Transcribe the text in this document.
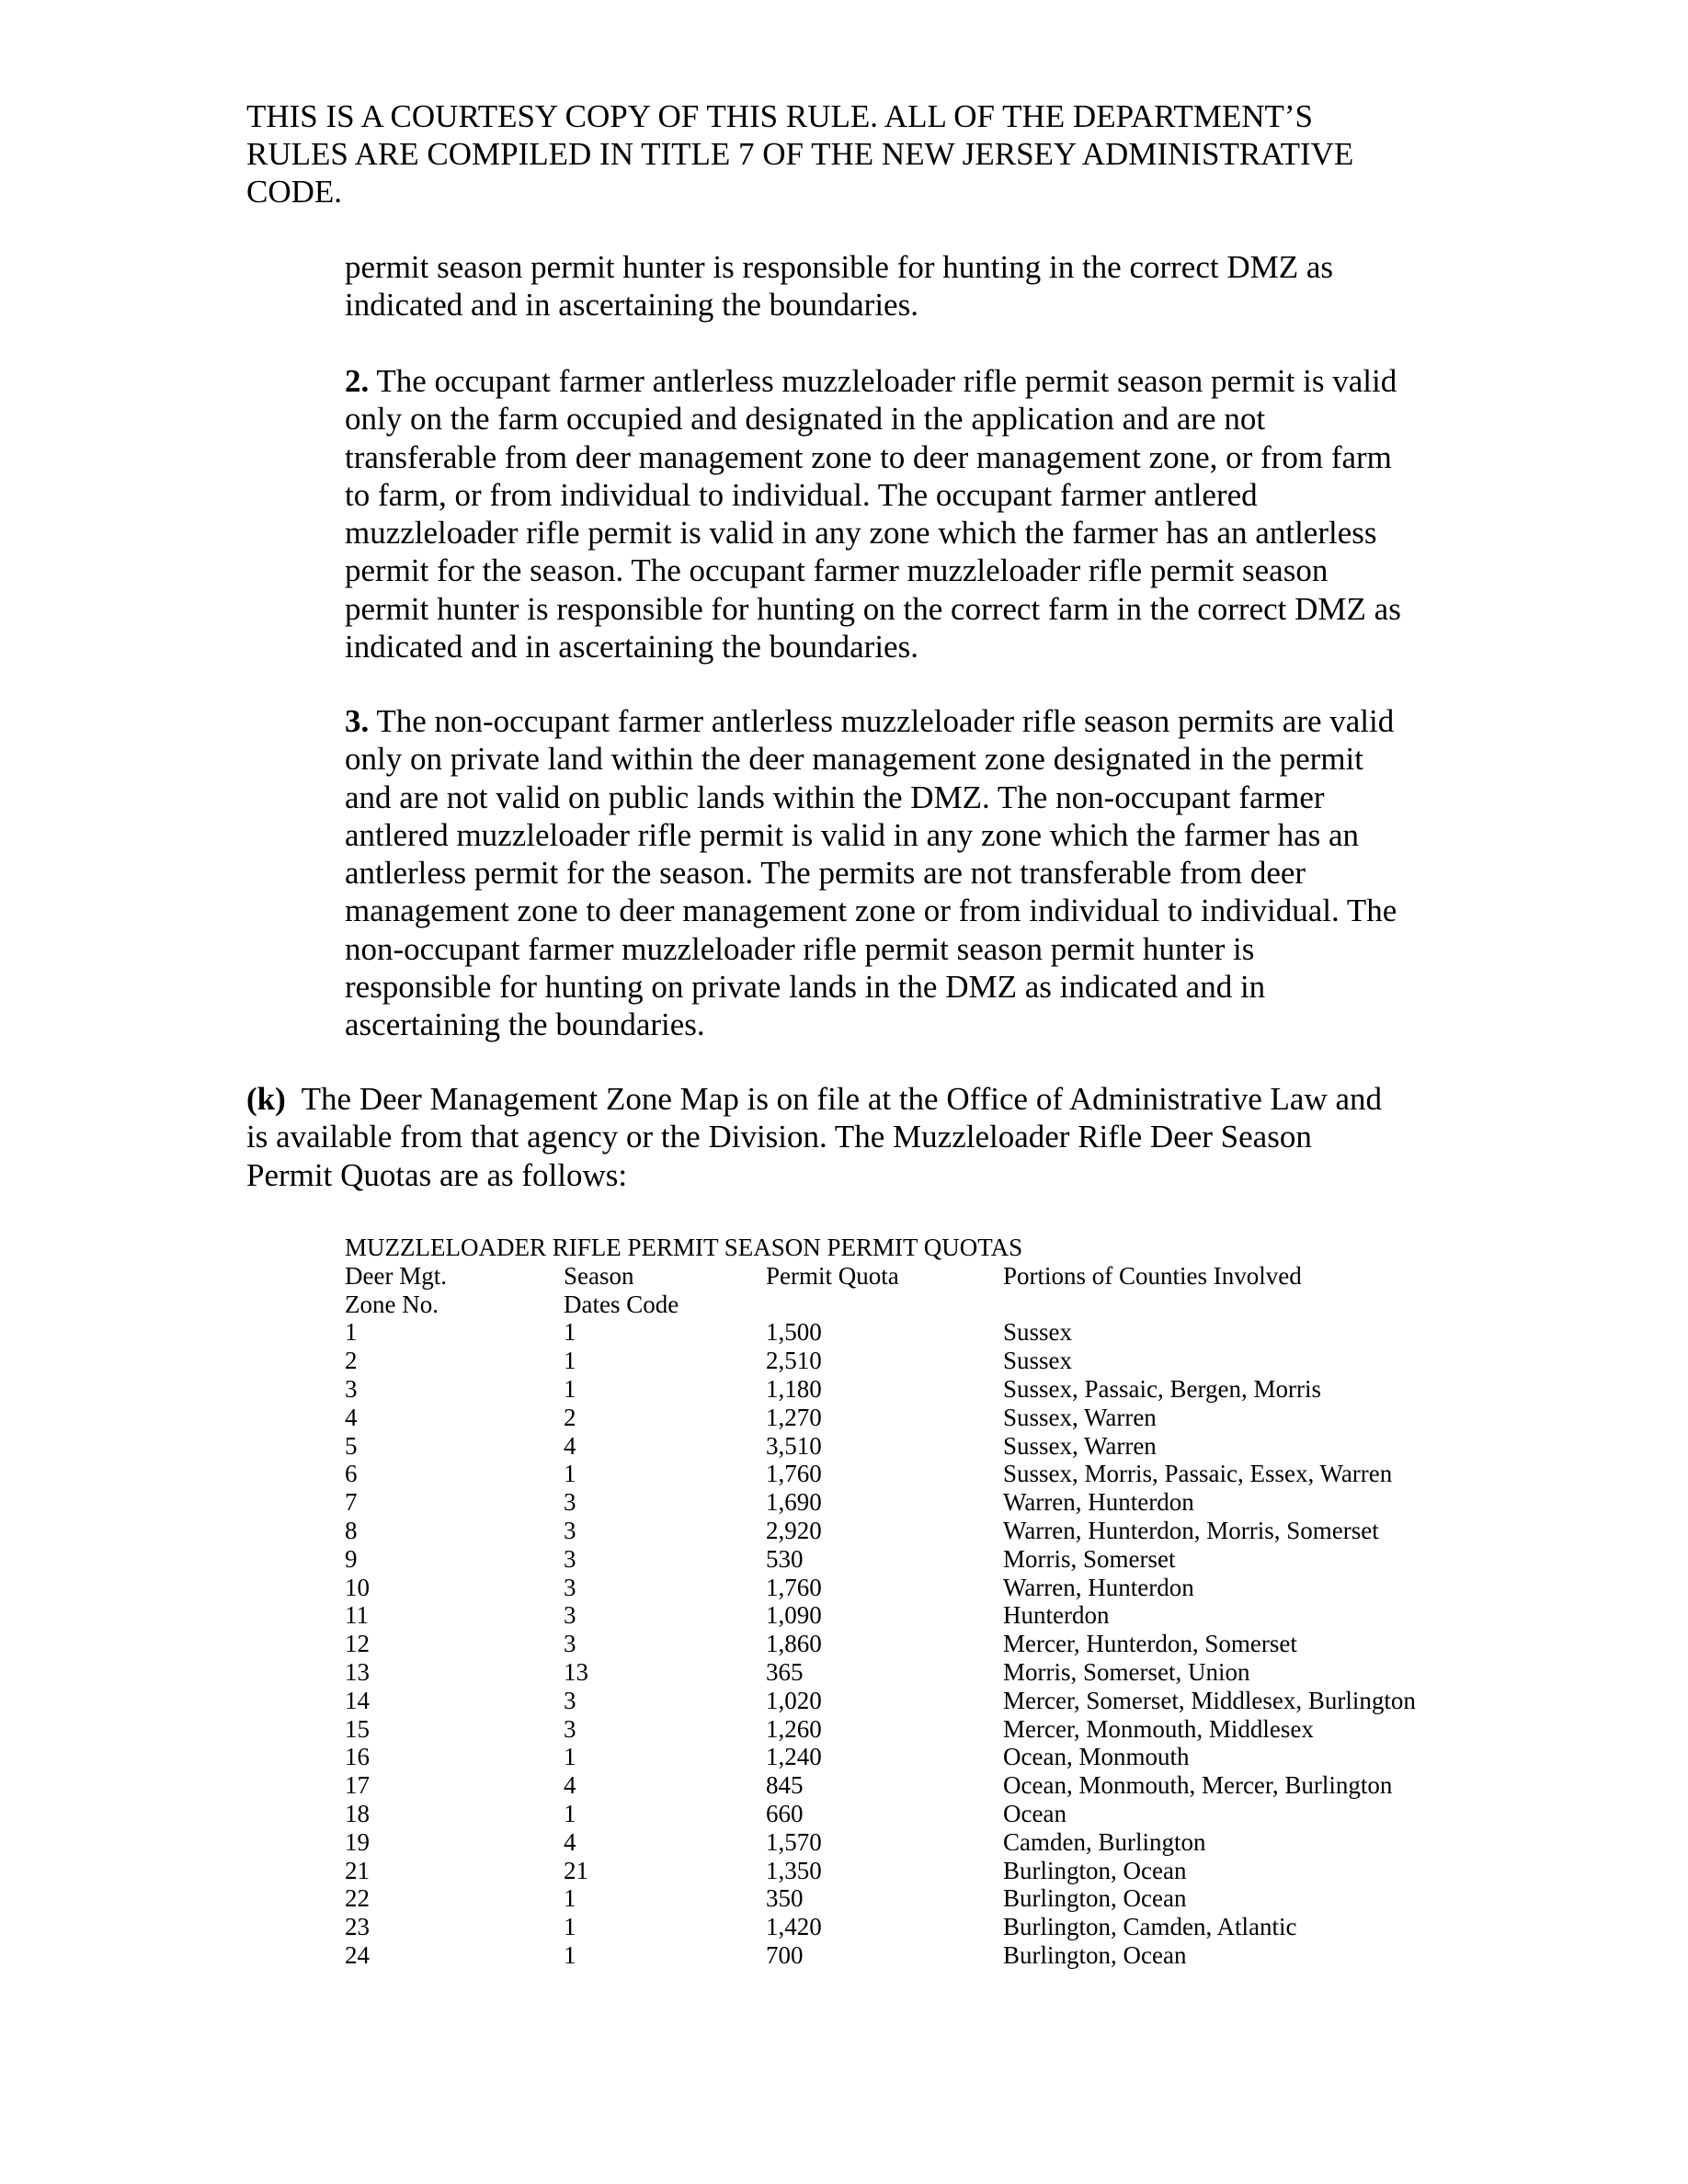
THIS IS A COURTESY COPY OF THIS RULE. ALL OF THE DEPARTMENT’S
RULES ARE COMPILED IN TITLE 7 OF THE NEW JERSEY ADMINISTRATIVE
CODE.
permit season permit hunter is responsible for hunting in the correct DMZ as
indicated and in ascertaining the boundaries.
2. The occupant farmer antlerless muzzleloader rifle permit season permit is valid
only on the farm occupied and designated in the application and are not
transferable from deer management zone to deer management zone, or from farm
to farm, or from individual to individual. The occupant farmer antlered
muzzleloader rifle permit is valid in any zone which the farmer has an antlerless
permit for the season. The occupant farmer muzzleloader rifle permit season
permit hunter is responsible for hunting on the correct farm in the correct DMZ as
indicated and in ascertaining the boundaries.
3. The non-occupant farmer antlerless muzzleloader rifle season permits are valid
only on private land within the deer management zone designated in the permit
and are not valid on public lands within the DMZ. The non-occupant farmer
antlered muzzleloader rifle permit is valid in any zone which the farmer has an
antlerless permit for the season. The permits are not transferable from deer
management zone to deer management zone or from individual to individual. The
non-occupant farmer muzzleloader rifle permit season permit hunter is
responsible for hunting on private lands in the DMZ as indicated and in
ascertaining the boundaries.
(k)  The Deer Management Zone Map is on file at the Office of Administrative Law and
is available from that agency or the Division. The Muzzleloader Rifle Deer Season
Permit Quotas are as follows:
MUZZLELOADER RIFLE PERMIT SEASON PERMIT QUOTAS
Deer Mgt.	Season	Permit Quota	Portions of Counties Involved
Zone No.	Dates Code
1	1	1,500	Sussex
2	1	2,510	Sussex
3	1	1,180	Sussex, Passaic, Bergen, Morris
4	2	1,270	Sussex, Warren
5	4	3,510	Sussex, Warren
6	1	1,760	Sussex, Morris, Passaic, Essex, Warren
7	3	1,690	Warren, Hunterdon
8	3	2,920	Warren, Hunterdon, Morris, Somerset
9	3	530	Morris, Somerset
10	3	1,760	Warren, Hunterdon
11	3	1,090	Hunterdon
12	3	1,860	Mercer, Hunterdon, Somerset
13	13	365	Morris, Somerset, Union
14	3	1,020	Mercer, Somerset, Middlesex, Burlington
15	3	1,260	Mercer, Monmouth, Middlesex
16	1	1,240	Ocean, Monmouth
17	4	845	Ocean, Monmouth, Mercer, Burlington
18	1	660	Ocean
19	4	1,570	Camden, Burlington
21	21	1,350	Burlington, Ocean
22	1	350	Burlington, Ocean
23	1	1,420	Burlington, Camden, Atlantic
24	1	700	Burlington, Ocean
